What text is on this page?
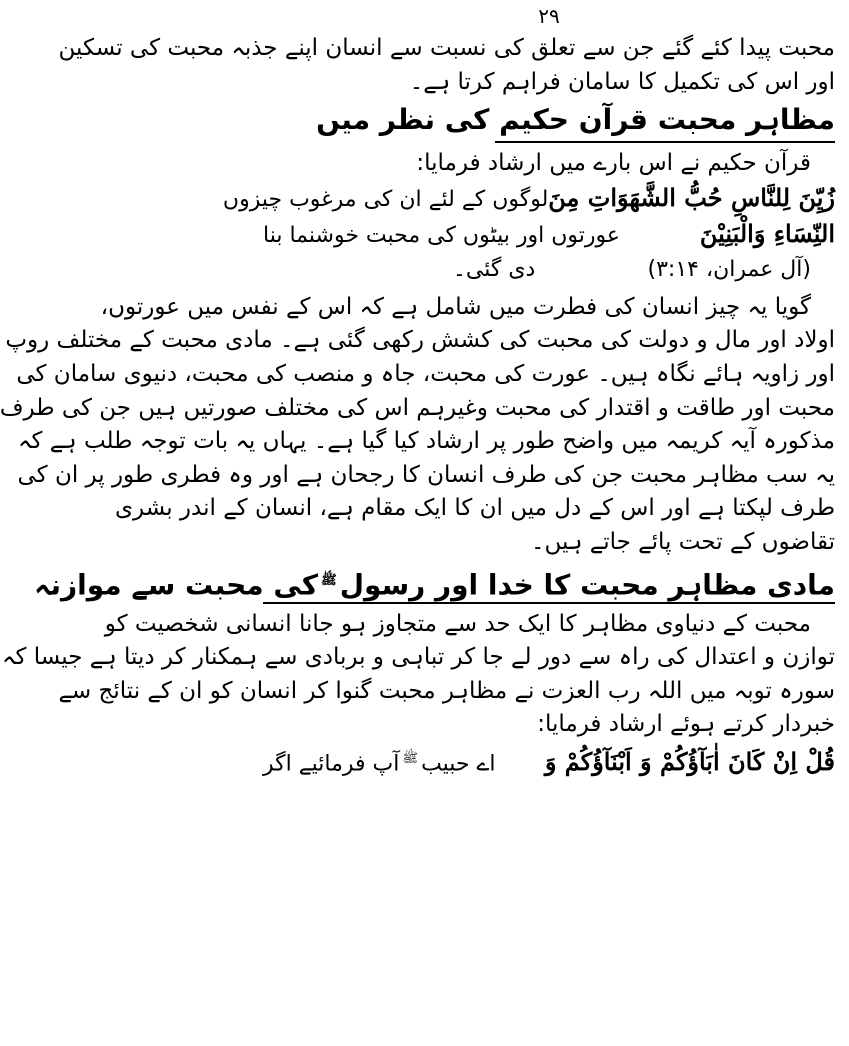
۲۹
محبت پیدا کئے گئے جن سے تعلق کی نسبت سے انسان اپنے جذبہ محبت کی تسکین
اور اس کی تکمیل کا سامان فراہم کرتا ہے۔
مظاہر محبت قرآن حکیم کی نظر میں
قرآن حکیم نے اس بارے میں ارشاد فرمایا:
زُيِّنَ لِلنَّاسِ حُبُّ الشَّهَوَاتِ مِنَ
لوگوں کے لئے ان کی مرغوب چیزوں
النِّسَاءِ وَالْبَنِيْنَ
عورتوں اور بیٹوں کی محبت خوشنما بنا
(آل عمران، ۳:۱۴)
دی گئی۔
گویا یہ چیز انسان کی فطرت میں شامل ہے کہ اس کے نفس میں عورتوں،
اولاد اور مال و دولت کی محبت کی کشش رکھی گئی ہے۔ مادی محبت کے مختلف روپ
اور زاویہ ہائے نگاہ ہیں۔ عورت کی محبت، جاہ و منصب کی محبت، دنیوی سامان کی
محبت اور طاقت و اقتدار کی محبت وغیرہم اس کی مختلف صورتیں ہیں جن کی طرف
مذکورہ آیہ کریمہ میں واضح طور پر ارشاد کیا گیا ہے۔ یہاں یہ بات توجہ طلب ہے کہ
یہ سب مظاہر محبت جن کی طرف انسان کا رجحان ہے اور وہ فطری طور پر ان کی
طرف لپکتا ہے اور اس کے دل میں ان کا ایک مقام ہے، انسان کے اندر بشری
تقاضوں کے تحت پائے جاتے ہیں۔
مادی مظاہر محبت کا خدا اور رسول$^ﷺ$کی محبت سے موازنہ
محبت کے دنیاوی مظاہر کا ایک حد سے متجاوز ہو جانا انسانی شخصیت کو
توازن و اعتدال کی راہ سے دور لے جا کر تباہی و بربادی سے ہمکنار کر دیتا ہے جیسا کہ
سورہ توبہ میں اللہ رب العزت نے مظاہر محبت گنوا کر انسان کو ان کے نتائج سے
خبردار کرتے ہوئے ارشاد فرمایا:
قُلْ اِنْ كَانَ اٰبَآؤُكُمْ وَ اَبْنَآؤُكُمْ وَ
اے حبیب$^ﷺ$آپ فرمائیے اگر
